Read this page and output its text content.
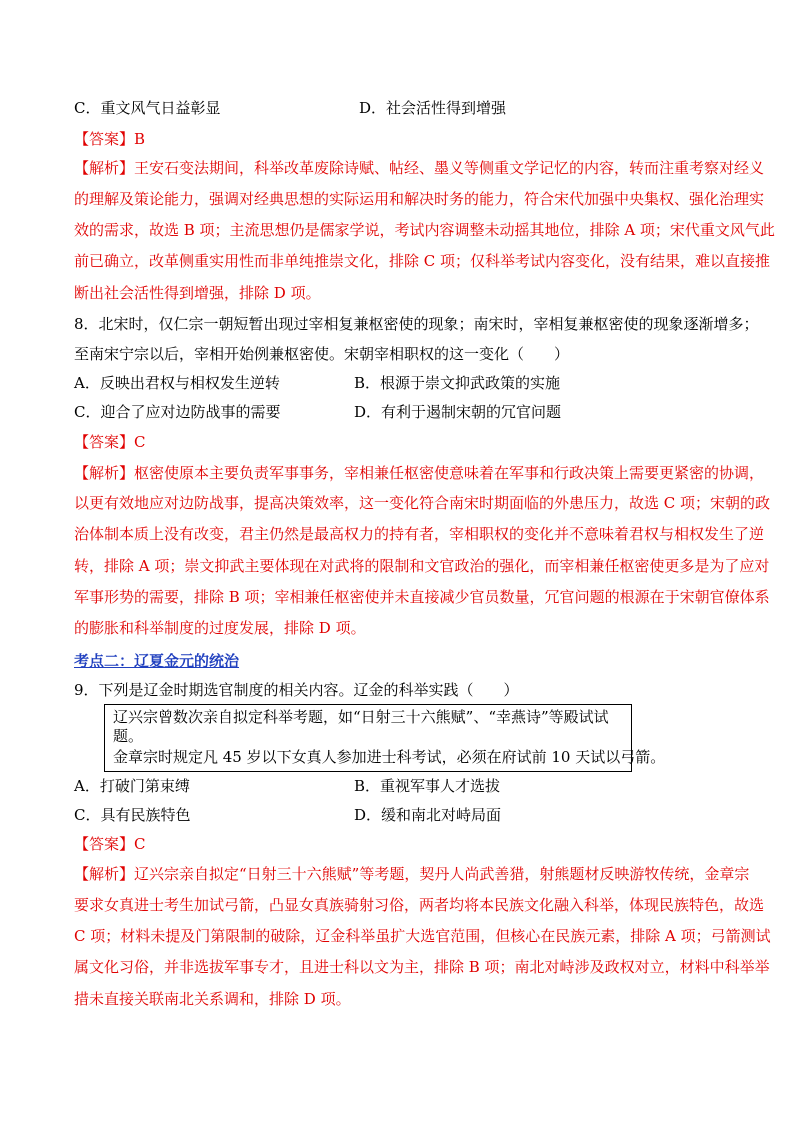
C．重文风气日益彰显	D．社会活性得到增强
【答案】B
【解析】王安石变法期间，科举改革废除诗赋、帖经、墨义等侧重文学记忆的内容，转而注重考察对经义
的理解及策论能力，强调对经典思想的实际运用和解决时务的能力，符合宋代加强中央集权、强化治理实
效的需求，故选 B 项；主流思想仍是儒家学说，考试内容调整未动摇其地位，排除 A 项；宋代重文风气此
前已确立，改革侧重实用性而非单纯推崇文化，排除 C 项；仅科举考试内容变化，没有结果，难以直接推
断出社会活性得到增强，排除 D 项。
8．北宋时，仅仁宗一朝短暂出现过宰相复兼枢密使的现象；南宋时，宰相复兼枢密使的现象逐渐增多；
至南宋宁宗以后，宰相开始例兼枢密使。宋朝宰相职权的这一变化（　　）
A．反映出君权与相权发生逆转	B．根源于崇文抑武政策的实施
C．迎合了应对边防战事的需要	D．有利于遏制宋朝的冗官问题
【答案】C
【解析】枢密使原本主要负责军事事务，宰相兼任枢密使意味着在军事和行政决策上需要更紧密的协调，
以更有效地应对边防战事，提高决策效率，这一变化符合南宋时期面临的外患压力，故选 C 项；宋朝的政
治体制本质上没有改变，君主仍然是最高权力的持有者，宰相职权的变化并不意味着君权与相权发生了逆
转，排除 A 项；崇文抑武主要体现在对武将的限制和文官政治的强化，而宰相兼任枢密使更多是为了应对
军事形势的需要，排除 B 项；宰相兼任枢密使并未直接减少官员数量，冗官问题的根源在于宋朝官僚体系
的膨胀和科举制度的过度发展，排除 D 项。
考点二：辽夏金元的统治
9．下列是辽金时期选官制度的相关内容。辽金的科举实践（　　）
辽兴宗曾数次亲自拟定科举考题，如“日射三十六熊赋”、“幸燕诗”等殿试试
题。
金章宗时规定凡 45 岁以下女真人参加进士科考试，必须在府试前 10 天试以弓箭。
A．打破门第束缚	B．重视军事人才选拔
C．具有民族特色	D．缓和南北对峙局面
【答案】C
【解析】辽兴宗亲自拟定“日射三十六熊赋”等考题，契丹人尚武善猎，射熊题材反映游牧传统，金章宗
要求女真进士考生加试弓箭，凸显女真族骑射习俗，两者均将本民族文化融入科举，体现民族特色，故选
C 项；材料未提及门第限制的破除，辽金科举虽扩大选官范围，但核心在民族元素，排除 A 项；弓箭测试
属文化习俗，并非选拔军事专才，且进士科以文为主，排除 B 项；南北对峙涉及政权对立，材料中科举举
措未直接关联南北关系调和，排除 D 项。
